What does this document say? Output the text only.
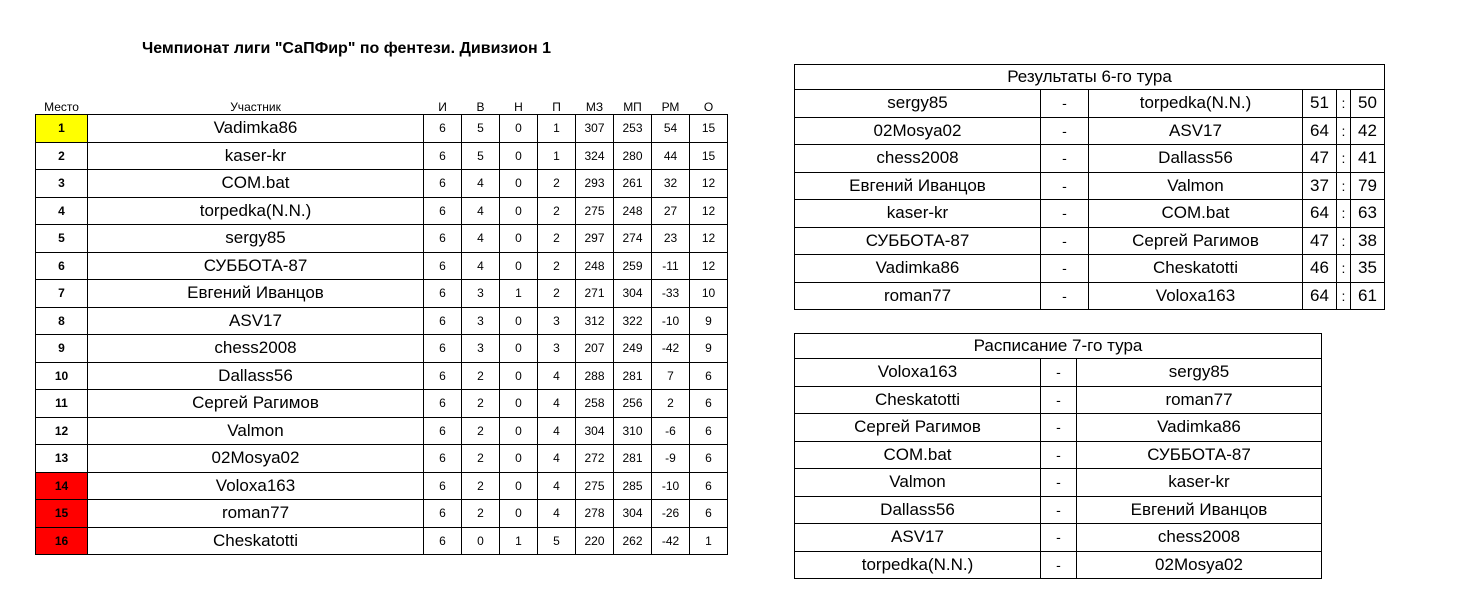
Чемпионат лиги "СаПФир" по фентези. Дивизион 1
Место	Участник	И	В	Н	П	МЗ	МП	РМ	О
1	Vadimka86	6	5	0	1	307	253	54	15
2	kaser-kr	6	5	0	1	324	280	44	15
3	COM.bat	6	4	0	2	293	261	32	12
4	torpedka(N.N.)	6	4	0	2	275	248	27	12
5	sergy85	6	4	0	2	297	274	23	12
6	СУББОТА-87	6	4	0	2	248	259	-11	12
7	Евгений Иванцов	6	3	1	2	271	304	-33	10
8	ASV17	6	3	0	3	312	322	-10	9
9	chess2008	6	3	0	3	207	249	-42	9
10	Dallass56	6	2	0	4	288	281	7	6
11	Сергей Рагимов	6	2	0	4	258	256	2	6
12	Valmon	6	2	0	4	304	310	-6	6
13	02Mosya02	6	2	0	4	272	281	-9	6
14	Voloxa163	6	2	0	4	275	285	-10	6
15	roman77	6	2	0	4	278	304	-26	6
16	Cheskatotti	6	0	1	5	220	262	-42	1
Результаты 6-го тура					
sergy85	-	torpedka(N.N.)	51	:	50
02Mosya02	-	ASV17	64	:	42
chess2008	-	Dallass56	47	:	41
Евгений Иванцов	-	Valmon	37	:	79
kaser-kr	-	COM.bat	64	:	63
СУББОТА-87	-	Сергей Рагимов	47	:	38
Vadimka86	-	Cheskatotti	46	:	35
roman77	-	Voloxa163	64	:	61
Расписание 7-го тура		
Voloxa163	-	sergy85
Cheskatotti	-	roman77
Сергей Рагимов	-	Vadimka86
COM.bat	-	СУББОТА-87
Valmon	-	kaser-kr
Dallass56	-	Евгений Иванцов
ASV17	-	chess2008
torpedka(N.N.)	-	02Mosya02
